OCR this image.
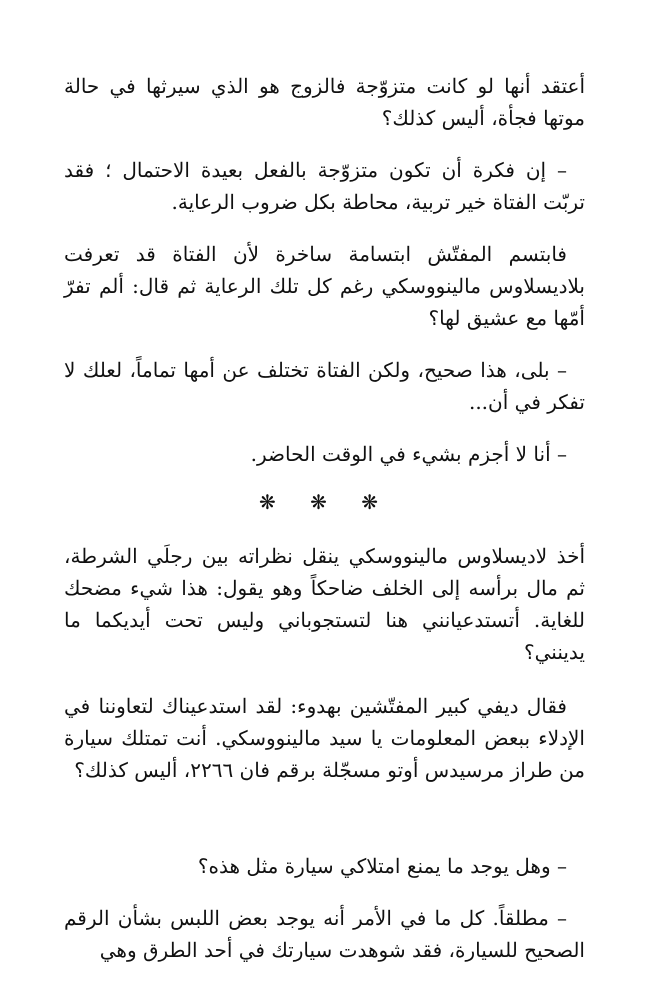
أعتقد أنها لو كانت متزوّجة فالزوج هو الذي سيرثها في حالة موتها فجأة، أليس كذلك؟

– إن فكرة أن تكون متزوّجة بالفعل بعيدة الاحتمال ؛ فقد تربّت الفتاة خير تربية، محاطة بكل ضروب الرعاية.

فابتسم المفتّش ابتسامة ساخرة لأن الفتاة قد تعرفت بلاديسلاوس مالينووسكي رغم كل تلك الرعاية ثم قال: ألم تفرّ أمّها مع عشيق لها؟

– بلى، هذا صحيح، ولكن الفتاة تختلف عن أمها تماماً، لعلك لا تفكر في أن...

– أنا لا أجزم بشيء في الوقت الحاضر.

❋ ❋ ❋

أخذ لاديسلاوس مالينووسكي ينقل نظراته بين رجلَي الشرطة، ثم مال برأسه إلى الخلف ضاحكاً وهو يقول: هذا شيء مضحك للغاية. أتستدعيانني هنا لتستجوباني وليس تحت أيديكما ما يدينني؟

فقال ديفي كبير المفتّشين بهدوء: لقد استدعيناك لتعاوننا في الإدلاء ببعض المعلومات يا سيد مالينووسكي. أنت تمتلك سيارة من طراز مرسيدس أوتو مسجّلة برقم فان ٢٢٦٦، أليس كذلك؟

– وهل يوجد ما يمنع امتلاكي سيارة مثل هذه؟

– مطلقاً. كل ما في الأمر أنه يوجد بعض اللبس بشأن الرقم الصحيح للسيارة، فقد شوهدت سيارتك في أحد الطرق وهي
